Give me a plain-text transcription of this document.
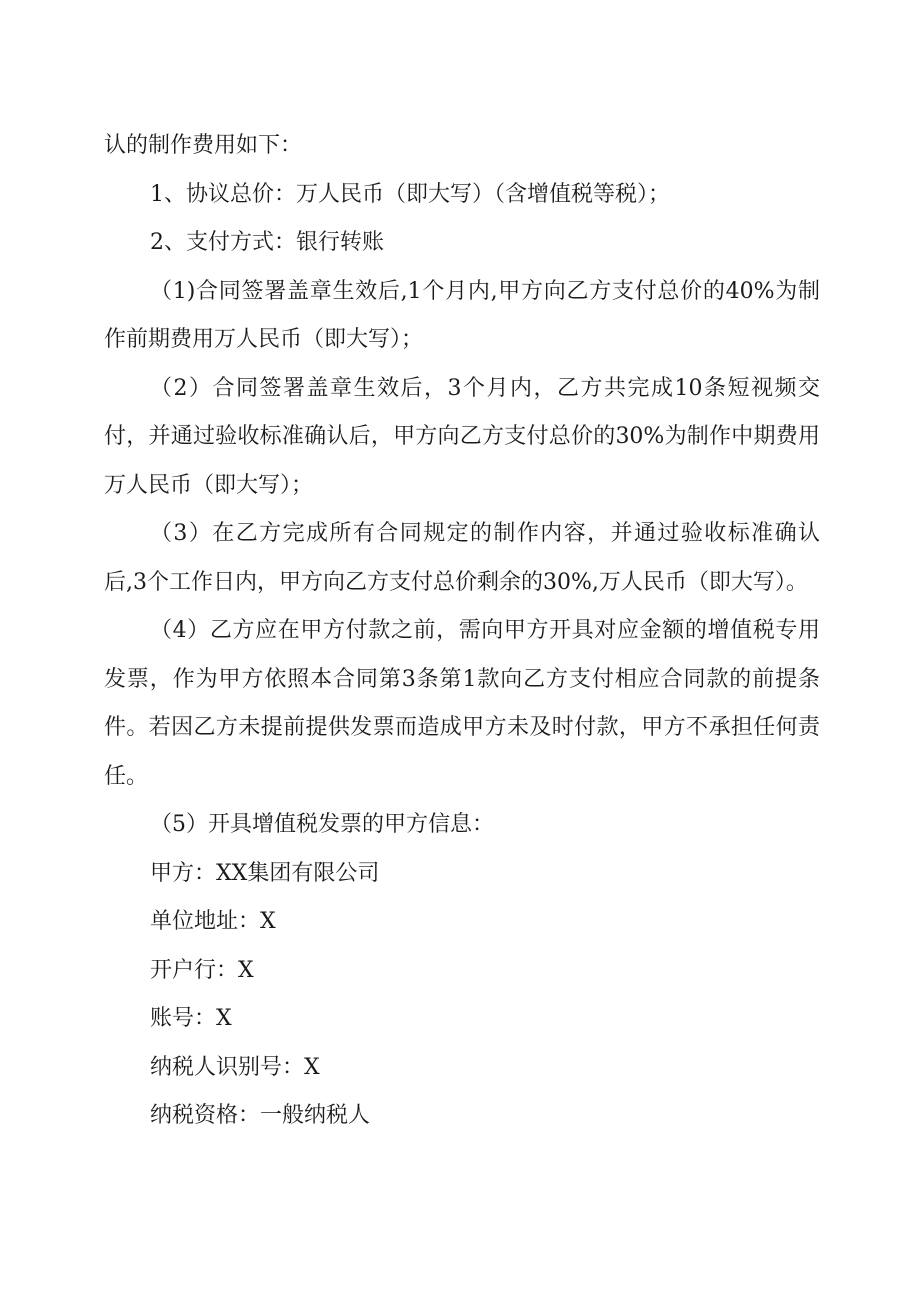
认的制作费用如下：

1、协议总价：万人民币（即大写）（含增值税等税）；

2、支付方式：银行转账

（1)合同签署盖章生效后,1个月内,甲方向乙方支付总价的40%为制作前期费用万人民币（即大写）；

（2）合同签署盖章生效后，3个月内，乙方共完成10条短视频交付，并通过验收标准确认后，甲方向乙方支付总价的30%为制作中期费用万人民币（即大写）；

（3）在乙方完成所有合同规定的制作内容，并通过验收标准确认后,3个工作日内，甲方向乙方支付总价剩余的30%,万人民币（即大写）。

（4）乙方应在甲方付款之前，需向甲方开具对应金额的增值税专用发票，作为甲方依照本合同第3条第1款向乙方支付相应合同款的前提条件。若因乙方未提前提供发票而造成甲方未及时付款，甲方不承担任何责任。

（5）开具增值税发票的甲方信息：

甲方：XX集团有限公司

单位地址：X

开户行：X

账号：X

纳税人识别号：X

纳税资格：一般纳税人
